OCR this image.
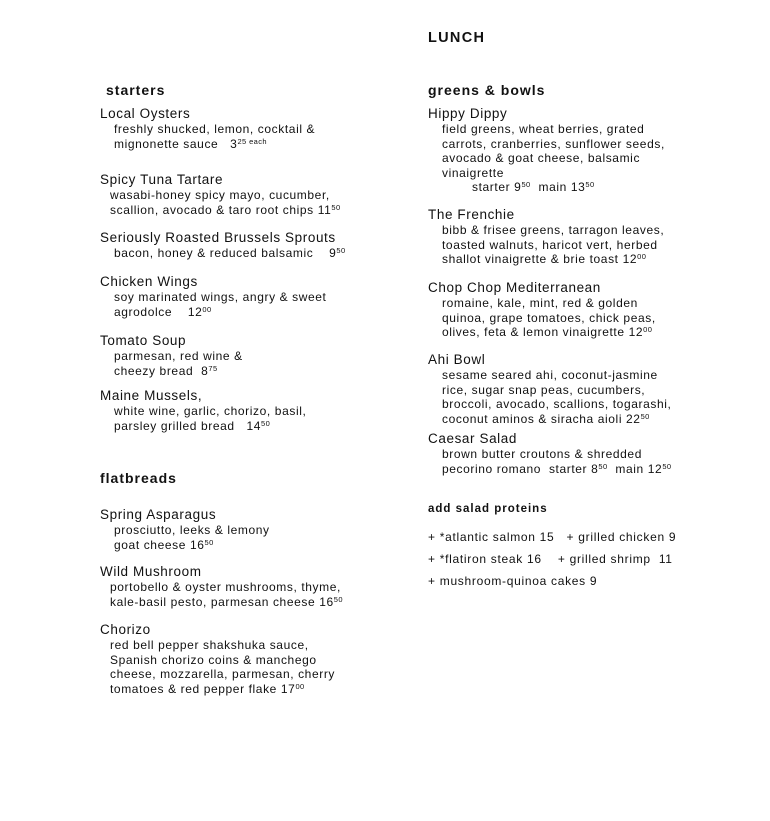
LUNCH
starters
Local Oysters
freshly shucked, lemon, cocktail &
mignonette sauce $3^{25 each}$
Spicy Tuna Tartare
wasabi-honey spicy mayo, cucumber,
scallion, avocado & taro root chips $11^{50}$
Seriously Roasted Brussels Sprouts
bacon, honey & reduced balsamic $9^{50}$
Chicken Wings
soy marinated wings, angry & sweet
agrodolce $12^{00}$
Tomato Soup
parmesan, red wine &
cheezy bread $8^{75}$
Maine Mussels,
white wine, garlic, chorizo, basil,
parsley grilled bread $14^{50}$
flatbreads
Spring Asparagus
prosciutto, leeks & lemony
goat cheese $16^{50}$
Wild Mushroom
portobello & oyster mushrooms, thyme,
kale-basil pesto, parmesan cheese $16^{50}$
Chorizo
red bell pepper shakshuka sauce,
Spanish chorizo coins & manchego
cheese, mozzarella, parmesan, cherry
tomatoes & red pepper flake $17^{00}$
greens & bowls
Hippy Dippy
field greens, wheat berries, grated
carrots, cranberries, sunflower seeds,
avocado & goat cheese, balsamic
vinaigrette
starter $9^{50}$ main $13^{50}$
The Frenchie
bibb & frisee greens, tarragon leaves,
toasted walnuts, haricot vert, herbed
shallot vinaigrette & brie toast $12^{00}$
Chop Chop Mediterranean
romaine, kale, mint, red & golden
quinoa, grape tomatoes, chick peas,
olives, feta & lemon vinaigrette $12^{00}$
Ahi Bowl
sesame seared ahi, coconut-jasmine
rice, sugar snap peas, cucumbers,
broccoli, avocado, scallions, togarashi,
coconut aminos & siracha aioli $22^{50}$
Caesar Salad
brown butter croutons & shredded
pecorino romano starter $8^{50}$ main $12^{50}$
add salad proteins
+ *atlantic salmon 15   + grilled chicken 9
+ *flatiron steak 16    + grilled shrimp  11
+ mushroom-quinoa cakes 9
